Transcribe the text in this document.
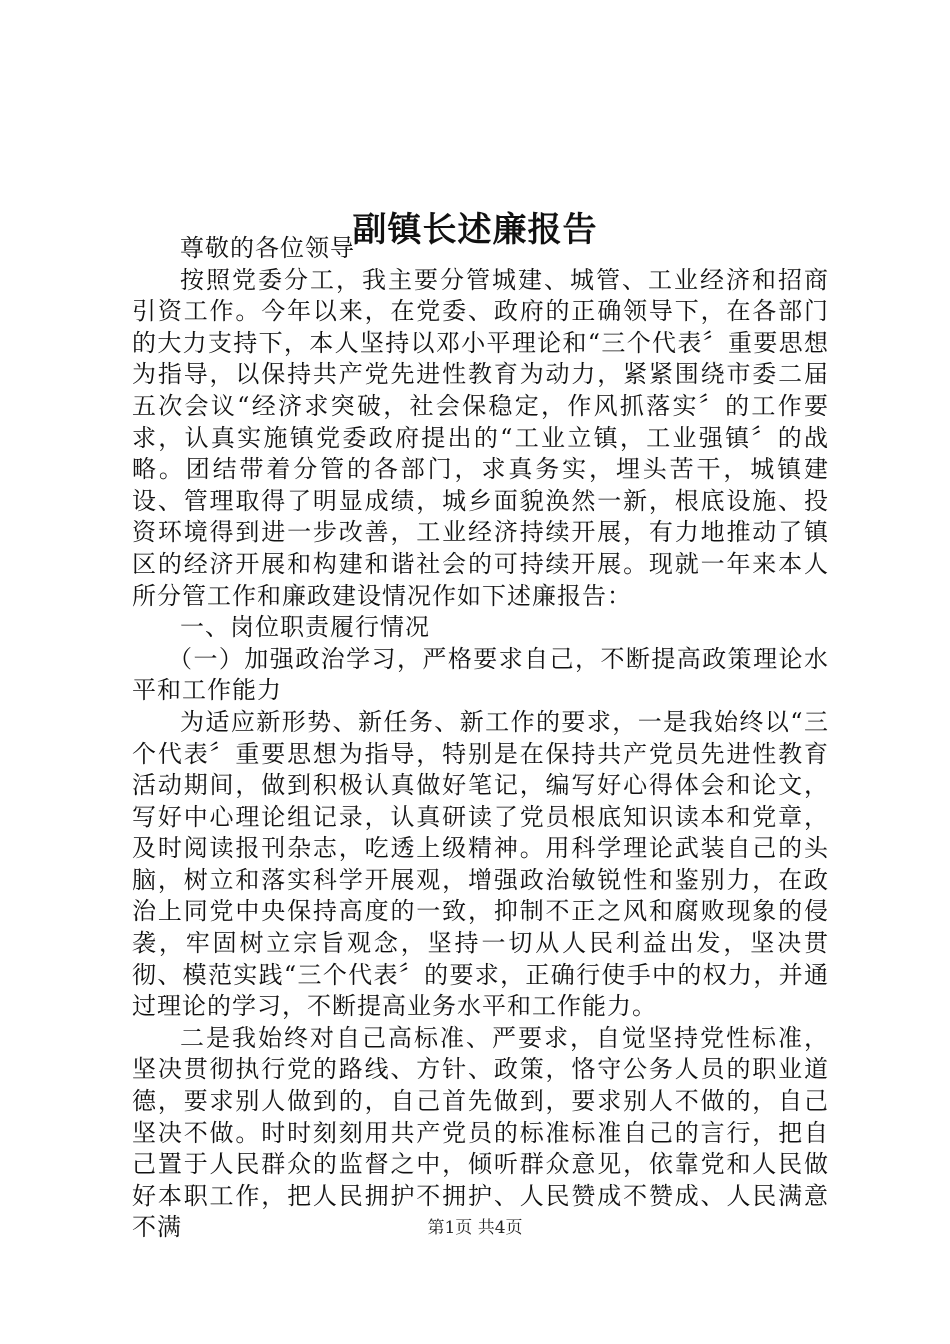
副镇长述廉报告

尊敬的各位领导

按照党委分工，我主要分管城建、城管、工业经济和招商引资工作。今年以来，在党委、政府的正确领导下，在各部门的大力支持下，本人坚持以邓小平理论和“三个代表〞重要思想为指导，以保持共产党先进性教育为动力，紧紧围绕市委二届五次会议“经济求突破，社会保稳定，作风抓落实〞的工作要求，认真实施镇党委政府提出的“工业立镇，工业强镇〞的战略。团结带着分管的各部门，求真务实，埋头苦干，城镇建设、管理取得了明显成绩，城乡面貌涣然一新，根底设施、投资环境得到进一步改善，工业经济持续开展，有力地推动了镇区的经济开展和构建和谐社会的可持续开展。现就一年来本人所分管工作和廉政建设情况作如下述廉报告：

一、岗位职责履行情况

（一）加强政治学习，严格要求自己，不断提高政策理论水平和工作能力

为适应新形势、新任务、新工作的要求，一是我始终以“三个代表〞重要思想为指导，特别是在保持共产党员先进性教育活动期间，做到积极认真做好笔记，编写好心得体会和论文，写好中心理论组记录，认真研读了党员根底知识读本和党章，及时阅读报刊杂志，吃透上级精神。用科学理论武装自己的头脑，树立和落实科学开展观，增强政治敏锐性和鉴别力，在政治上同党中央保持高度的一致，抑制不正之风和腐败现象的侵袭，牢固树立宗旨观念，坚持一切从人民利益出发，坚决贯彻、模范实践“三个代表〞的要求，正确行使手中的权力，并通过理论的学习，不断提高业务水平和工作能力。

二是我始终对自己高标准、严要求，自觉坚持党性标准，坚决贯彻执行党的路线、方针、政策，恪守公务人员的职业道德，要求别人做到的，自己首先做到，要求别人不做的，自己坚决不做。时时刻刻用共产党员的标准标准自己的言行，把自己置于人民群众的监督之中，倾听群众意见，依靠党和人民做好本职工作，把人民拥护不拥护、人民赞成不赞成、人民满意不满	第1页 共4页
